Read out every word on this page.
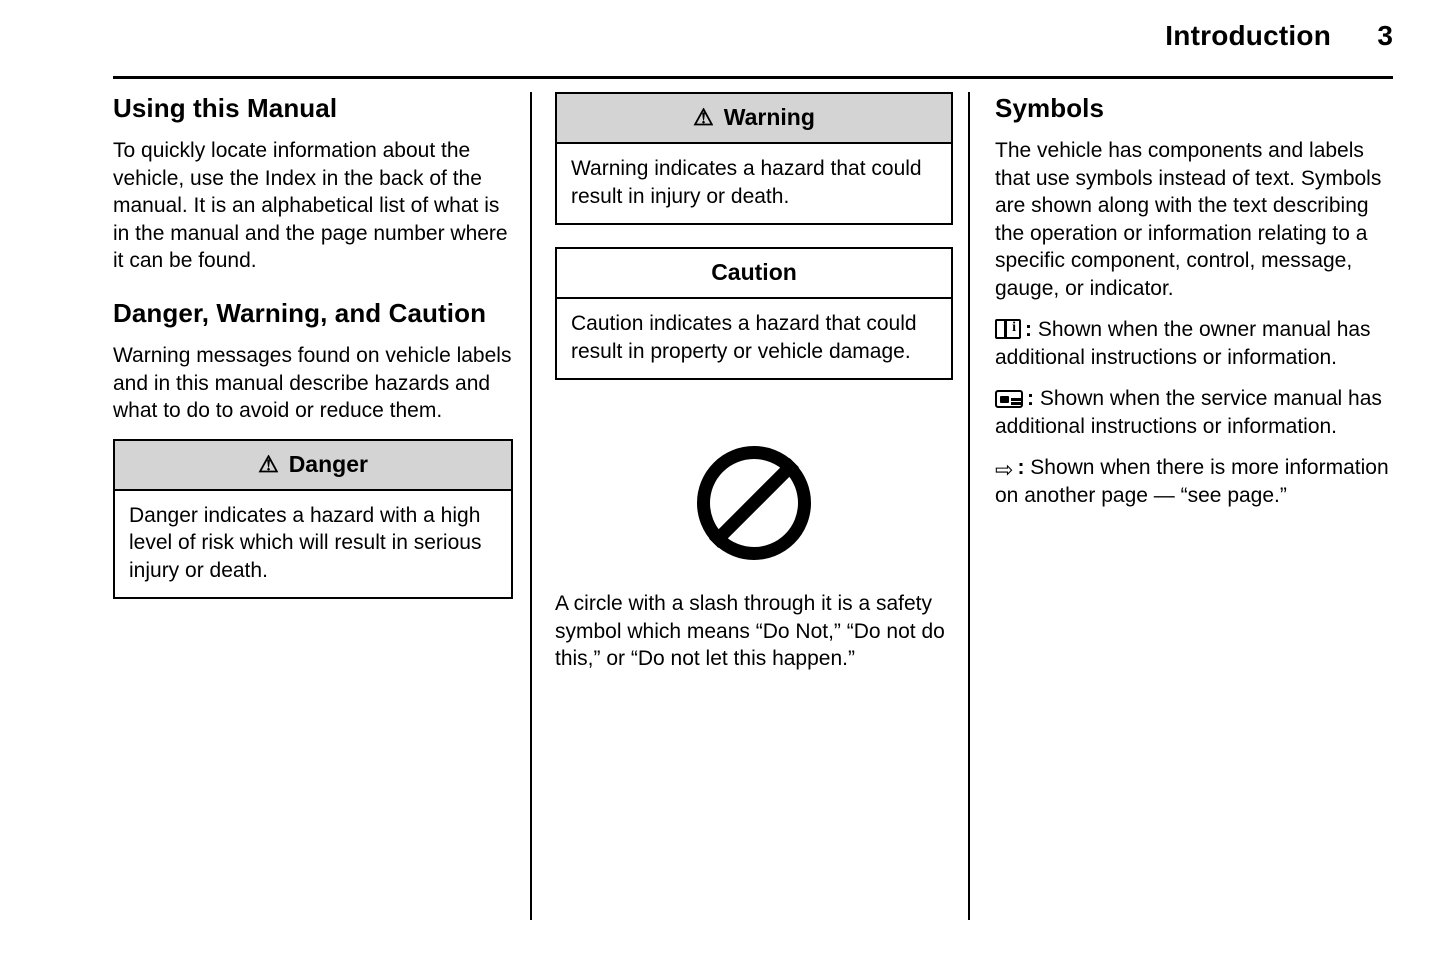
Introduction 3
Using this Manual

To quickly locate information about the vehicle, use the Index in the back of the manual. It is an alphabetical list of what is in the manual and the page number where it can be found.

Danger, Warning, and Caution

Warning messages found on vehicle labels and in this manual describe hazards and what to do to avoid or reduce them.

⚠ Danger
Danger indicates a hazard with a high level of risk which will result in serious injury or death.
⚠ Warning
Warning indicates a hazard that could result in injury or death.
Caution
Caution indicates a hazard that could result in property or vehicle damage.

A circle with a slash through it is a safety symbol which means “Do Not,” “Do not do this,” or “Do not let this happen.”

Symbols

The vehicle has components and labels that use symbols instead of text. Symbols are shown along with the text describing the operation or information relating to a specific component, control, message, gauge, or indicator.

i: Shown when the owner manual has additional instructions or information.

: Shown when the service manual has additional instructions or information.

⇨ : Shown when there is more information on another page — “see page.”
